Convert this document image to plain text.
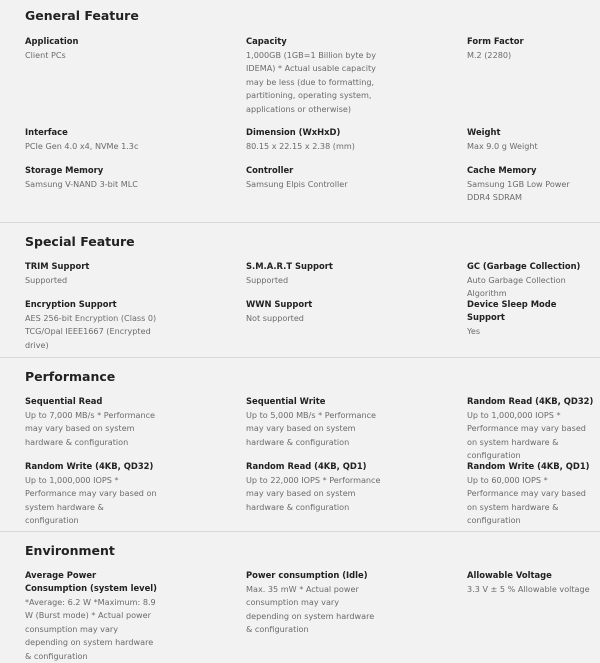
General Feature
Application
Client PCs
Capacity
1,000GB (1GB=1 Billion byte by IDEMA) * Actual usable capacity may be less (due to formatting, partitioning, operating system, applications or otherwise)
Form Factor
M.2 (2280)
Interface
PCIe Gen 4.0 x4, NVMe 1.3c
Dimension (WxHxD)
80.15 x 22.15 x 2.38 (mm)
Weight
Max 9.0 g Weight
Storage Memory
Samsung V-NAND 3-bit MLC
Controller
Samsung Elpis Controller
Cache Memory
Samsung 1GB Low Power DDR4 SDRAM
Special Feature
TRIM Support
Supported
S.M.A.R.T Support
Supported
GC (Garbage Collection)
Auto Garbage Collection Algorithm
Encryption Support
AES 256-bit Encryption (Class 0) TCG/Opal IEEE1667 (Encrypted drive)
WWN Support
Not supported
Device Sleep Mode Support
Yes
Performance
Sequential Read
Up to 7,000 MB/s * Performance may vary based on system hardware & configuration
Sequential Write
Up to 5,000 MB/s * Performance may vary based on system hardware & configuration
Random Read (4KB, QD32)
Up to 1,000,000 IOPS * Performance may vary based on system hardware & configuration
Random Write (4KB, QD32)
Up to 1,000,000 IOPS * Performance may vary based on system hardware & configuration
Random Read (4KB, QD1)
Up to 22,000 IOPS * Performance may vary based on system hardware & configuration
Random Write (4KB, QD1)
Up to 60,000 IOPS * Performance may vary based on system hardware & configuration
Environment
Average Power Consumption (system level)
*Average: 6.2 W *Maximum: 8.9 W (Burst mode) * Actual power consumption may vary depending on system hardware & configuration
Power consumption (Idle)
Max. 35 mW * Actual power consumption may vary depending on system hardware & configuration
Allowable Voltage
3.3 V ± 5 % Allowable voltage
